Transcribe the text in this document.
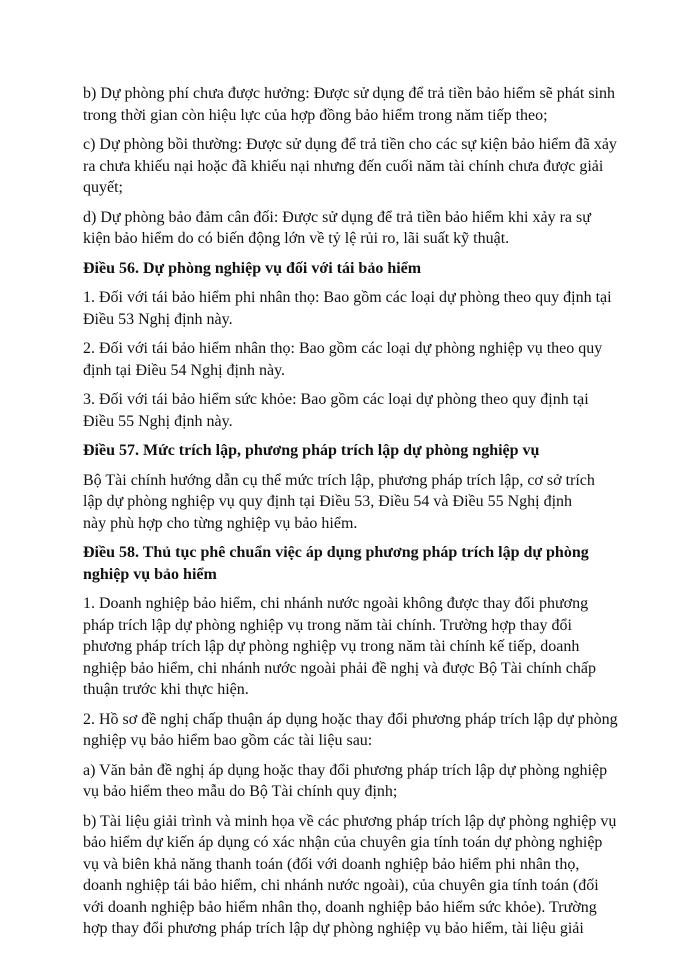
b) Dự phòng phí chưa được hưởng: Được sử dụng để trả tiền bảo hiểm sẽ phát sinh
trong thời gian còn hiệu lực của hợp đồng bảo hiểm trong năm tiếp theo;

c) Dự phòng bồi thường: Được sử dụng để trả tiền cho các sự kiện bảo hiểm đã xảy
ra chưa khiếu nại hoặc đã khiếu nại nhưng đến cuối năm tài chính chưa được giải
quyết;

d) Dự phòng bảo đảm cân đối: Được sử dụng để trả tiền bảo hiểm khi xảy ra sự
kiện bảo hiểm do có biến động lớn về tỷ lệ rủi ro, lãi suất kỹ thuật.

Điều 56. Dự phòng nghiệp vụ đối với tái bảo hiểm

1. Đối với tái bảo hiểm phi nhân thọ: Bao gồm các loại dự phòng theo quy định tại
Điều 53 Nghị định này.

2. Đối với tái bảo hiểm nhân thọ: Bao gồm các loại dự phòng nghiệp vụ theo quy
định tại Điều 54 Nghị định này.

3. Đối với tái bảo hiểm sức khỏe: Bao gồm các loại dự phòng theo quy định tại
Điều 55 Nghị định này.

Điều 57. Mức trích lập, phương pháp trích lập dự phòng nghiệp vụ

Bộ Tài chính hướng dẫn cụ thể mức trích lập, phương pháp trích lập, cơ sở trích
lập dự phòng nghiệp vụ quy định tại Điều 53, Điều 54 và Điều 55 Nghị định
này phù hợp cho từng nghiệp vụ bảo hiểm.

Điều 58. Thủ tục phê chuẩn việc áp dụng phương pháp trích lập dự phòng
nghiệp vụ bảo hiểm

1. Doanh nghiệp bảo hiểm, chi nhánh nước ngoài không được thay đổi phương
pháp trích lập dự phòng nghiệp vụ trong năm tài chính. Trường hợp thay đổi
phương pháp trích lập dự phòng nghiệp vụ trong năm tài chính kế tiếp, doanh
nghiệp bảo hiểm, chi nhánh nước ngoài phải đề nghị và được Bộ Tài chính chấp
thuận trước khi thực hiện.

2. Hồ sơ đề nghị chấp thuận áp dụng hoặc thay đổi phương pháp trích lập dự phòng
nghiệp vụ bảo hiểm bao gồm các tài liệu sau:

a) Văn bản đề nghị áp dụng hoặc thay đổi phương pháp trích lập dự phòng nghiệp
vụ bảo hiểm theo mẫu do Bộ Tài chính quy định;

b) Tài liệu giải trình và minh họa về các phương pháp trích lập dự phòng nghiệp vụ
bảo hiểm dự kiến áp dụng có xác nhận của chuyên gia tính toán dự phòng nghiệp
vụ và biên khả năng thanh toán (đối với doanh nghiệp bảo hiểm phi nhân thọ,
doanh nghiệp tái bảo hiểm, chi nhánh nước ngoài), của chuyên gia tính toán (đối
với doanh nghiệp bảo hiểm nhân thọ, doanh nghiệp bảo hiểm sức khỏe). Trường
hợp thay đổi phương pháp trích lập dự phòng nghiệp vụ bảo hiểm, tài liệu giải
